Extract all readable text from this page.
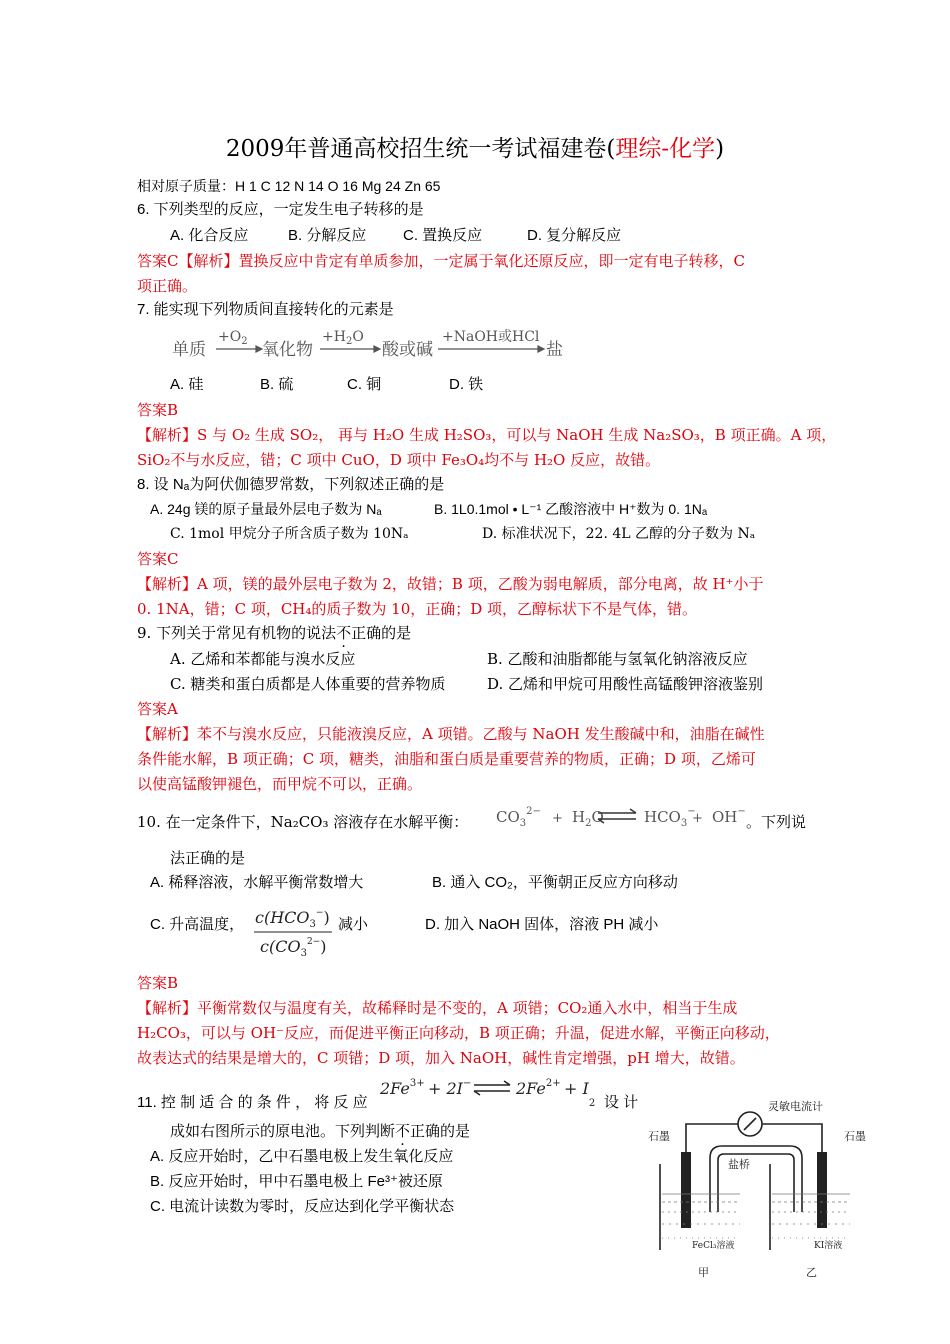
2009年普通高校招生统一考试福建卷(理综-化学)
相对原子质量：H 1 C 12 N 14 O 16 Mg 24 Zn 65
6. 下列类型的反应，一定发生电子转移的是
A. 化合反应	B. 分解反应 C. 置换反应	D. 复分解反应
答案C【解析】置换反应中肯定有单质参加，一定属于氧化还原反应，即一定有电子转移，C
项正确。
7. 能实现下列物质间直接转化的元素是
单质	氧化物	酸或碱	盐
$+O_2$	$+H_2O$	+NaOH或HCl
A. 硅	B. 硫	C. 铜	D. 铁
答案B
【解析】S 与 O₂ 生成 SO₂， 再与 H₂O 生成 H₂SO₃，可以与 NaOH 生成 Na₂SO₃，B 项正确。A 项，
SiO₂不与水反应，错；C 项中 CuO，D 项中 Fe₃O₄均不与 H₂O 反应，故错。
8. 设 Nₐ为阿伏伽德罗常数，下列叙述正确的是
A. 24g 镁的原子量最外层电子数为 Nₐ	B. 1L0.1mol • L⁻¹ 乙酸溶液中 H⁺数为 0. 1Nₐ
C. 1mol 甲烷分子所含质子数为 10Nₐ	D. 标准状况下，22. 4L 乙醇的分子数为 Nₐ
答案C
【解析】A 项，镁的最外层电子数为 2，故错；B 项，乙酸为弱电解质，部分电离，故 H⁺小于
0. 1NA，错；C 项，CH₄的质子数为 10，正确；D 项，乙醇标状下不是气体，错。
9. 下列关于常见有机物的说法不正确的是
A. 乙烯和苯都能与溴水反应	B. 乙酸和油脂都能与氢氧化钠溶液反应
C. 糖类和蛋白质都是人体重要的营养物质	D. 乙烯和甲烷可用酸性高锰酸钾溶液鉴别
答案A
【解析】苯不与溴水反应，只能液溴反应，A 项错。乙酸与 NaOH 发生酸碱中和，油脂在碱性
条件能水解，B 项正确；C 项，糖类，油脂和蛋白质是重要营养的物质，正确；D 项，乙烯可
以使高锰酸钾褪色，而甲烷不可以，正确。
10. 在一定条件下，Na₂CO₃ 溶液存在水解平衡： $CO_3^{2-} + H_2O$	$HCO_3^-$
+ OH−
。下列说
法正确的是
A. 稀释溶液，水解平衡常数增大	B. 通入 CO₂，平衡朝正反应方向移动
C. 升高温度， $c(HCO_3^-)$
$c(CO_3^{2-})$
减小	D. 加入 NaOH 固体，溶液 PH 减小
答案B
【解析】平衡常数仅与温度有关，故稀释时是不变的，A 项错；CO₂通入水中，相当于生成
H₂CO₃，可以与 OH⁻反应，而促进平衡正向移动，B 项正确；升温，促进水解，平衡正向移动，
故表达式的结果是增大的，C 项错；D 项，加入 NaOH，碱性肯定增强，pH 增大，故错。
11. 控 制 适 合 的 条 件 ， 将 反 应
$2Fe^{3+} + 2I^-$	$2Fe^{2+} + I_2$ 设 计
成如右图所示的原电池。下列判断不正确的是
A. 反应开始时，乙中石墨电极上发生氧化反应
B. 反应开始时，甲中石墨电极上 Fe³⁺被还原
C. 电流计读数为零时，反应达到化学平衡状态
灵敏电流计
石墨	石墨
盐桥
FeCl₃溶液	KI溶液
甲	乙
